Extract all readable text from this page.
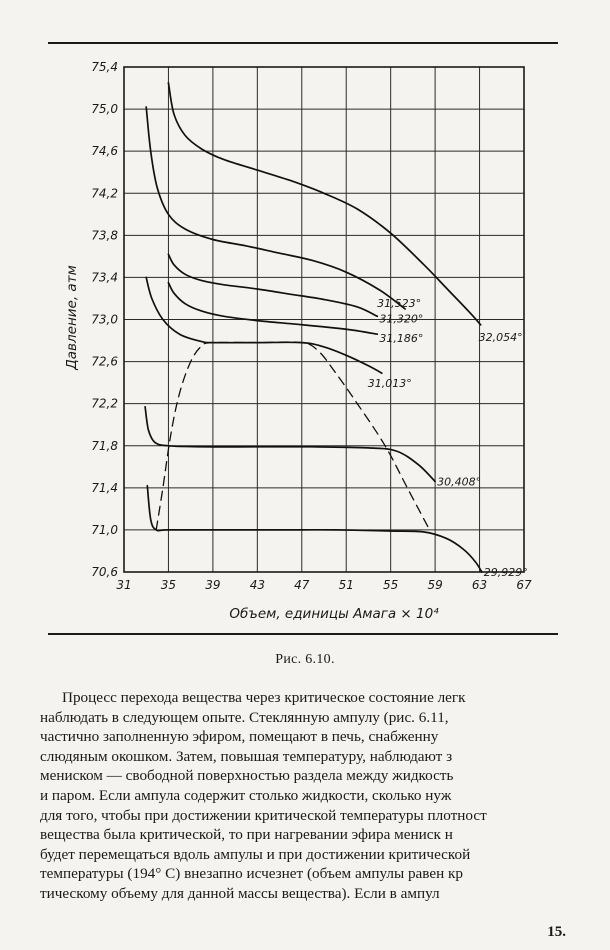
31 35 39 43 47 51 55 59 63 67
70,6
71,0
71,4
71,8
72,2
72,6
73,0
73,4
73,8
74,2
74,6
75,0
75,4
Объем, единицы Амага × 10⁴
Давление, атм	32,054°
31,523°
31,320°
31,186°
31,013°
30,408°
29,929°
Рис. 6.10.
Процесс перехода вещества через критическое состояние легк
наблюдать в следующем опыте. Стеклянную ампулу (рис. 6.11,
частично заполненную эфиром, помещают в печь, снабженну
слюдяным окошком. Затем, повышая температуру, наблюдают з
мениском — свободной поверхностью раздела между жидкость
и паром. Если ампула содержит столько жидкости, сколько нуж
для того, чтобы при достижении критической температуры плотност
вещества была критической, то при нагревании эфира мениск н
будет перемещаться вдоль ампулы и при достижении критической
температуры (194° С) внезапно исчезнет (объем ампулы равен кр
тическому объему для данной массы вещества). Если в ампул
15.
